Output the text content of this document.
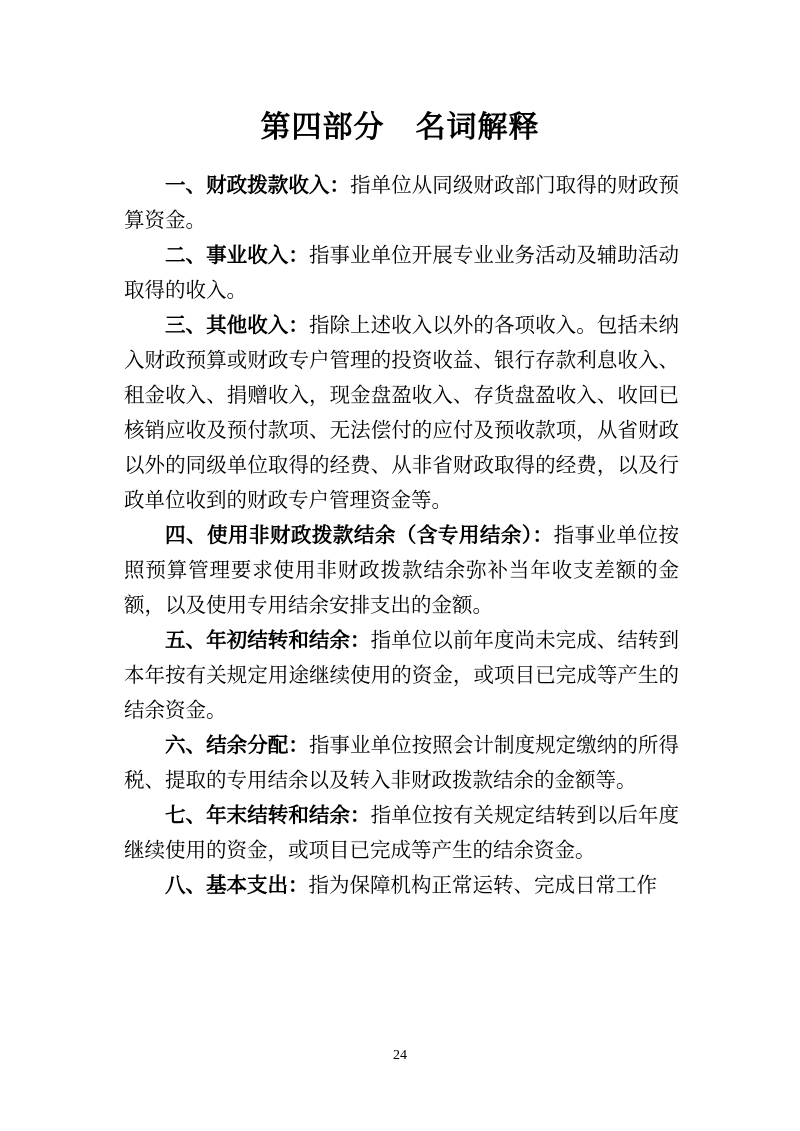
第四部分　名词解释

一、财政拨款收入：指单位从同级财政部门取得的财政预算资金。

二、事业收入：指事业单位开展专业业务活动及辅助活动取得的收入。

三、其他收入：指除上述收入以外的各项收入。包括未纳入财政预算或财政专户管理的投资收益、银行存款利息收入、租金收入、捐赠收入，现金盘盈收入、存货盘盈收入、收回已核销应收及预付款项、无法偿付的应付及预收款项，从省财政以外的同级单位取得的经费、从非省财政取得的经费，以及行政单位收到的财政专户管理资金等。

四、使用非财政拨款结余（含专用结余）：指事业单位按照预算管理要求使用非财政拨款结余弥补当年收支差额的金额，以及使用专用结余安排支出的金额。

五、年初结转和结余：指单位以前年度尚未完成、结转到本年按有关规定用途继续使用的资金，或项目已完成等产生的结余资金。

六、结余分配：指事业单位按照会计制度规定缴纳的所得税、提取的专用结余以及转入非财政拨款结余的金额等。

七、年末结转和结余：指单位按有关规定结转到以后年度继续使用的资金，或项目已完成等产生的结余资金。

八、基本支出：指为保障机构正常运转、完成日常工作

24
